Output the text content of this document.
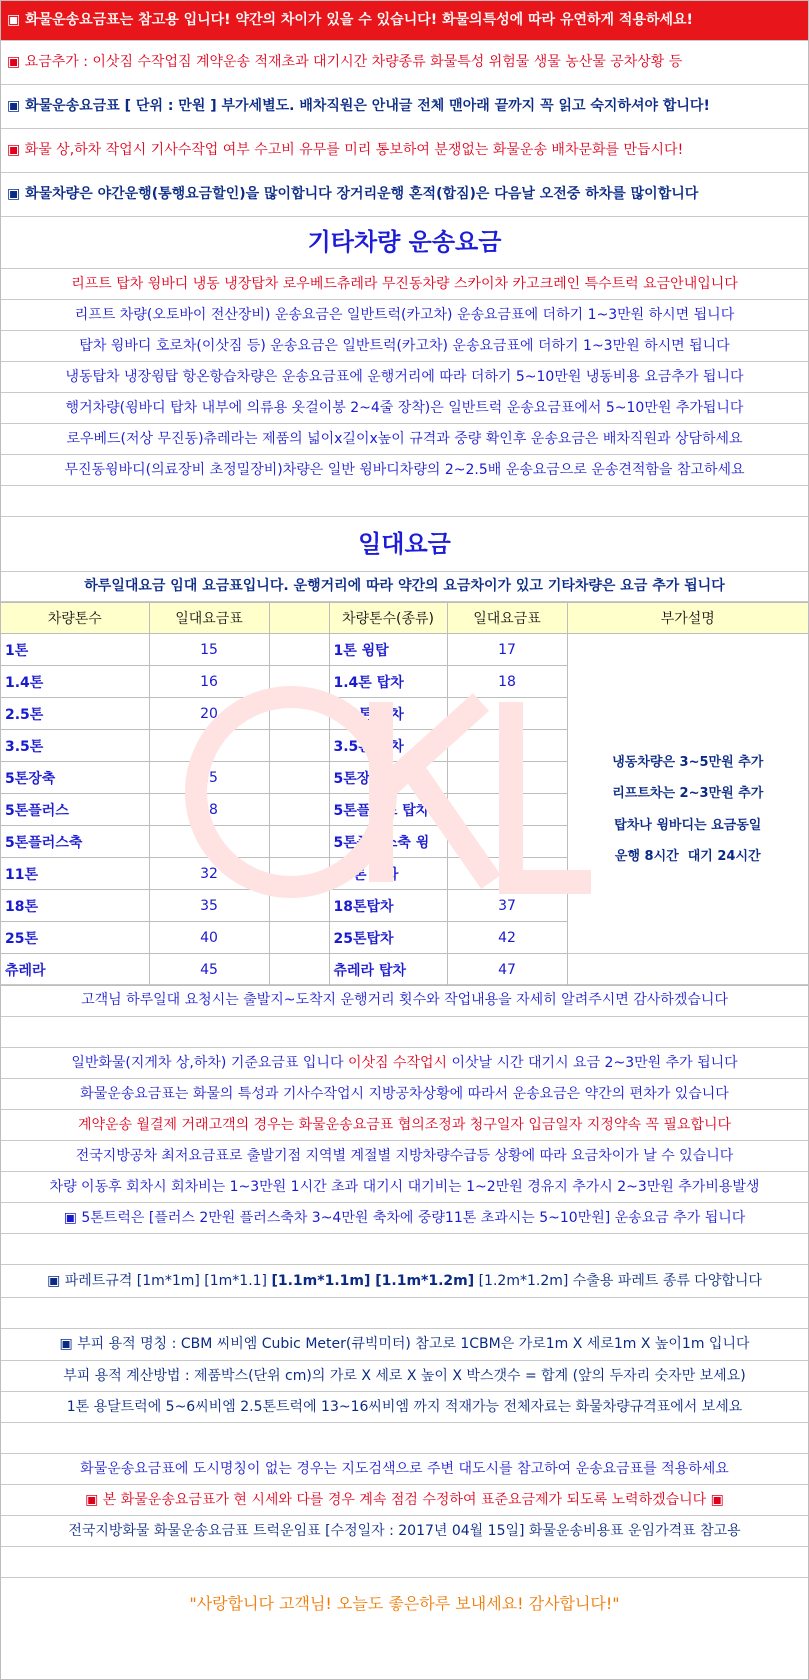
▣ 화물운송요금표는 참고용 입니다! 약간의 차이가 있을 수 있습니다! 화물의특성에 따라 유연하게 적용하세요!
▣ 요금추가 : 이삿짐 수작업짐 계약운송 적재초과 대기시간 차량종류 화물특성 위험물 생물 농산물 공차상황 등
▣ 화물운송요금표 [ 단위 : 만원 ] 부가세별도. 배차직원은 안내글 전체 맨아래 끝까지 꼭 읽고 숙지하셔야 합니다!
▣ 화물 상,하차 작업시 기사수작업 여부 수고비 유무를 미리 통보하여 분쟁없는 화물운송 배차문화를 만듭시다!
▣ 화물차량은 야간운행(통행요금할인)을 많이합니다 장거리운행 혼적(합짐)은 다음날 오전중 하차를 많이합니다
기타차량 운송요금
리프트 탑차 윙바디 냉동 냉장탑차 로우베드츄레라 무진동차량 스카이차 카고크레인 특수트럭 요금안내입니다
리프트 차량(오토바이 전산장비) 운송요금은 일반트럭(카고차) 운송요금표에 더하기 1~3만원 하시면 됩니다
탑차 윙바디 호로차(이삿짐 등) 운송요금은 일반트럭(카고차) 운송요금표에 더하기 1~3만원 하시면 됩니다
냉동탑차 냉장윙탑 항온항습차량은 운송요금표에 운행거리에 따라 더하기 5~10만원 냉동비용 요금추가 됩니다
행거차량(윙바디 탑차 내부에 의류용 옷걸이봉 2~4줄 장착)은 일반트럭 운송요금표에서 5~10만원 추가됩니다
로우베드(저상 무진동)츄레라는 제품의 넓이x길이x높이 규격과 중량 확인후 운송요금은 배차직원과 상담하세요
무진동윙바디(의료장비 초정밀장비)차량은 일반 윙바디차량의 2~2.5배 운송요금으로 운송견적함을 참고하세요
일대요금
하루일대요금 임대 요금표입니다. 운행거리에 따라 약간의 요금차이가 있고 기타차량은 요금 추가 됩니다
차량톤수	일대요금표		차량톤수(종류)	일대요금표	부가설명
1톤	15		1톤 윙탑	17	냉동차량은 3~5만원 추가
리프트차는 2~3만원 추가
탑차나 윙바디는 요금동일
운행 8시간  대기 24시간

1.4톤	16		1.4톤 탑차	18	
2.5톤	20		2.5톤 탑차	22	
3.5톤	22		3.5톤 탑차	24	
5톤장축	25		5톤장축 탑차	27	
5톤플러스	28		5톤플러스 탑차	30	
5톤플러스축	30		5톤플러스축 윙	32	
11톤	32		11톤 탑차	34	
18톤	35		18톤탑차	37	
25톤	40		25톤탑차	42	
츄레라	45		츄레라 탑차	47	
고객님 하루일대 요청시는 출발지~도착지 운행거리 횟수와 작업내용을 자세히 알려주시면 감사하겠습니다
일반화물(지게차 상,하차) 기준요금표 입니다 이삿짐 수작업시 이삿날 시간 대기시 요금 2~3만원 추가 됩니다
화물운송요금표는 화물의 특성과 기사수작업시 지방공차상황에 따라서 운송요금은 약간의 편차가 있습니다
계약운송 월결제 거래고객의 경우는 화물운송요금표 협의조정과 청구일자 입금일자 지정약속 꼭 필요합니다
전국지방공차 최저요금표로 출발기점 지역별 계절별 지방차량수급등 상황에 따라 요금차이가 날 수 있습니다
차량 이동후 회차시 회차비는 1~3만원 1시간 초과 대기시 대기비는 1~2만원 경유지 추가시 2~3만원 추가비용발생
▣ 5톤트럭은 [플러스 2만원 플러스축차 3~4만원 축차에 중량11톤 초과시는 5~10만원] 운송요금 추가 됩니다
▣ 파레트규격 [1m*1m] [1m*1.1] [1.1m*1.1m] [1.1m*1.2m] [1.2m*1.2m] 수출용 파레트 종류 다양합니다
▣ 부피 용적 명칭 : CBM 씨비엠 Cubic Meter(큐빅미터) 참고로 1CBM은 가로1m X 세로1m X 높이1m 입니다
부피 용적 계산방법 : 제품박스(단위 cm)의 가로 X 세로 X 높이 X 박스갯수 = 합계 (앞의 두자리 숫자만 보세요)
1톤 용달트럭에 5~6씨비엠 2.5톤트럭에 13~16씨비엠 까지 적재가능 전체자료는 화물차량규격표에서 보세요
화물운송요금표에 도시명칭이 없는 경우는 지도검색으로 주변 대도시를 참고하여 운송요금표를 적용하세요
▣ 본 화물운송요금표가 현 시세와 다를 경우 계속 점검 수정하여 표준요금제가 되도록 노력하겠습니다 ▣
전국지방화물 화물운송요금표 트럭운임표 [수정일자 : 2017년 04월 15일] 화물운송비용표 운임가격표 참고용
"사랑합니다 고객님! 오늘도 좋은하루 보내세요! 감사합니다!"
